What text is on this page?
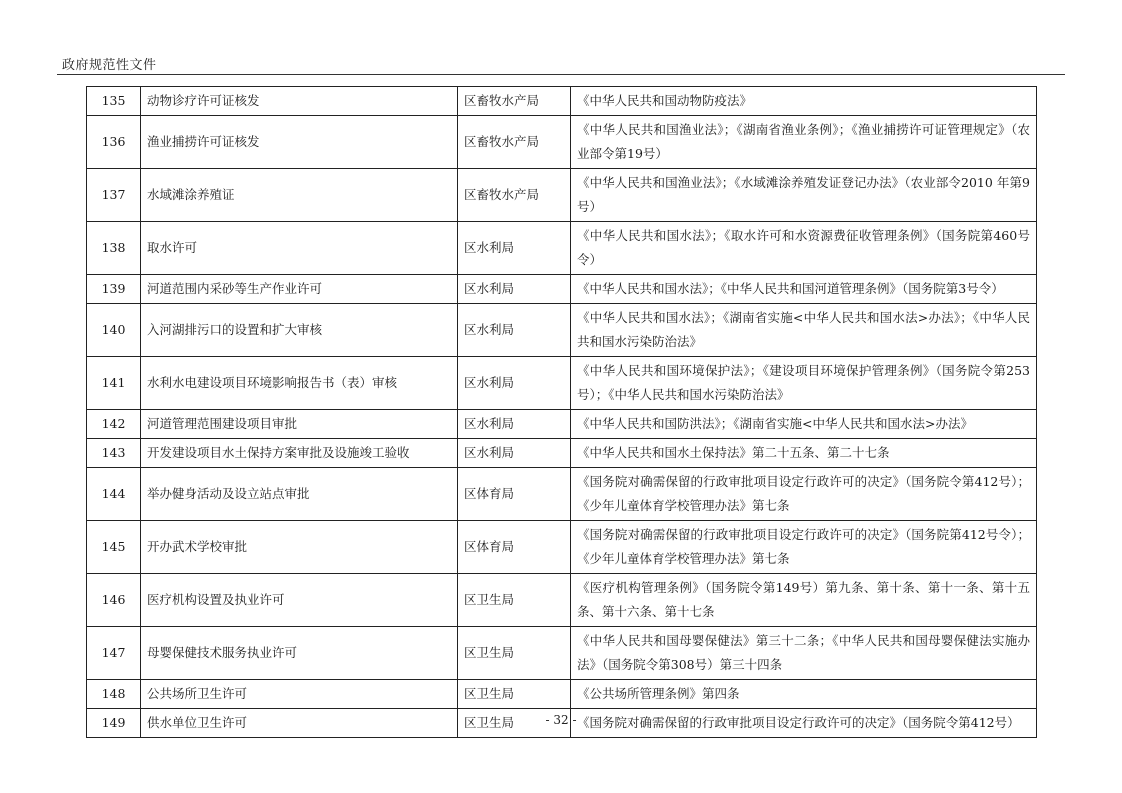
政府规范性文件
135	动物诊疗许可证核发	区畜牧水产局	《中华人民共和国动物防疫法》
136	渔业捕捞许可证核发	区畜牧水产局	《中华人民共和国渔业法》；《湖南省渔业条例》；《渔业捕捞许可证管理规定》（农业部令第19号）
137	水域滩涂养殖证	区畜牧水产局	《中华人民共和国渔业法》；《水域滩涂养殖发证登记办法》（农业部令2010 年第9号）
138	取水许可	区水利局	《中华人民共和国水法》；《取水许可和水资源费征收管理条例》（国务院第460号令）
139	河道范围内采砂等生产作业许可	区水利局	《中华人民共和国水法》；《中华人民共和国河道管理条例》（国务院第3号令）
140	入河湖排污口的设置和扩大审核	区水利局	《中华人民共和国水法》；《湖南省实施<中华人民共和国水法>办法》；《中华人民共和国水污染防治法》
141	水利水电建设项目环境影响报告书（表）审核	区水利局	《中华人民共和国环境保护法》；《建设项目环境保护管理条例》（国务院令第253号）；《中华人民共和国水污染防治法》
142	河道管理范围建设项目审批	区水利局	《中华人民共和国防洪法》；《湖南省实施<中华人民共和国水法>办法》
143	开发建设项目水土保持方案审批及设施竣工验收	区水利局	《中华人民共和国水土保持法》第二十五条、第二十七条
144	举办健身活动及设立站点审批	区体育局	《国务院对确需保留的行政审批项目设定行政许可的决定》（国务院令第412号）；《少年儿童体育学校管理办法》第七条
145	开办武术学校审批	区体育局	《国务院对确需保留的行政审批项目设定行政许可的决定》（国务院第412号令）；《少年儿童体育学校管理办法》第七条
146	医疗机构设置及执业许可	区卫生局	《医疗机构管理条例》（国务院令第149号）第九条、第十条、第十一条、第十五条、第十六条、第十七条
147	母婴保健技术服务执业许可	区卫生局	《中华人民共和国母婴保健法》第三十二条；《中华人民共和国母婴保健法实施办法》（国务院令第308号）第三十四条
148	公共场所卫生许可	区卫生局	《公共场所管理条例》第四条
149	供水单位卫生许可	区卫生局	《国务院对确需保留的行政审批项目设定行政许可的决定》（国务院令第412号）
- 32 -
